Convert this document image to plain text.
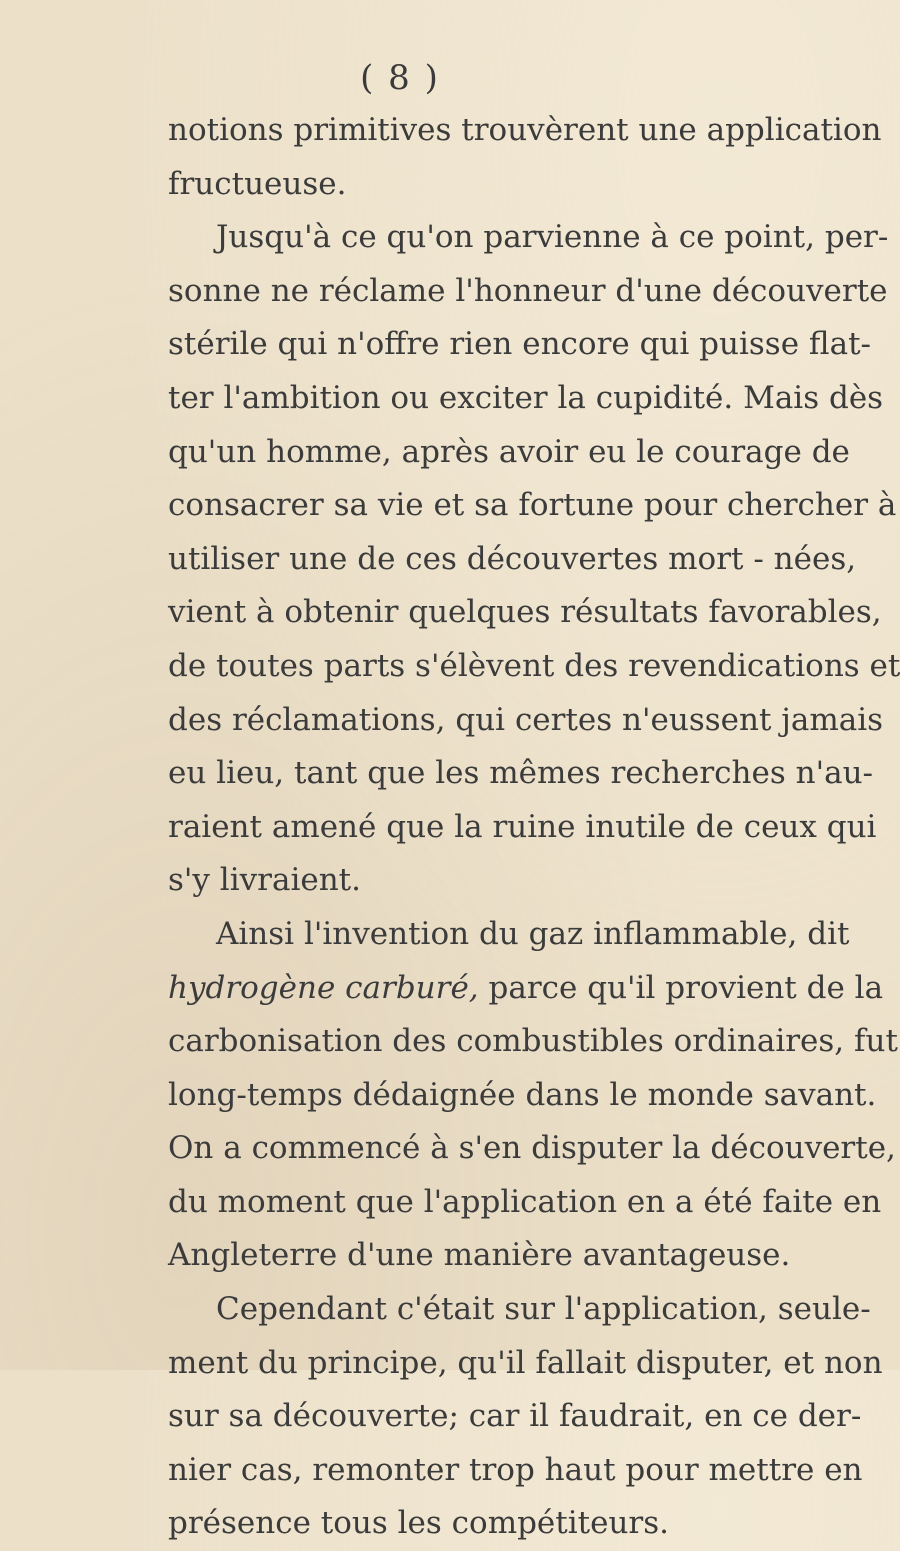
( 8 )
notions primitives trouvèrent une application
fructueuse.
Jusqu'à ce qu'on parvienne à ce point, per-
sonne ne réclame l'honneur d'une découverte
stérile qui n'offre rien encore qui puisse flat-
ter l'ambition ou exciter la cupidité. Mais dès
qu'un homme, après avoir eu le courage de
consacrer sa vie et sa fortune pour chercher à
utiliser une de ces découvertes mort - nées,
vient à obtenir quelques résultats favorables,
de toutes parts s'élèvent des revendications et
des réclamations, qui certes n'eussent jamais
eu lieu, tant que les mêmes recherches n'au-
raient amené que la ruine inutile de ceux qui
s'y livraient.
Ainsi l'invention du gaz inflammable, dit
hydrogène carburé, parce qu'il provient de la
carbonisation des combustibles ordinaires, fut
long-temps dédaignée dans le monde savant.
On a commencé à s'en disputer la découverte,
du moment que l'application en a été faite en
Angleterre d'une manière avantageuse.
Cependant c'était sur l'application, seule-
ment du principe, qu'il fallait disputer, et non
sur sa découverte; car il faudrait, en ce der-
nier cas, remonter trop haut pour mettre en
présence tous les compétiteurs.
